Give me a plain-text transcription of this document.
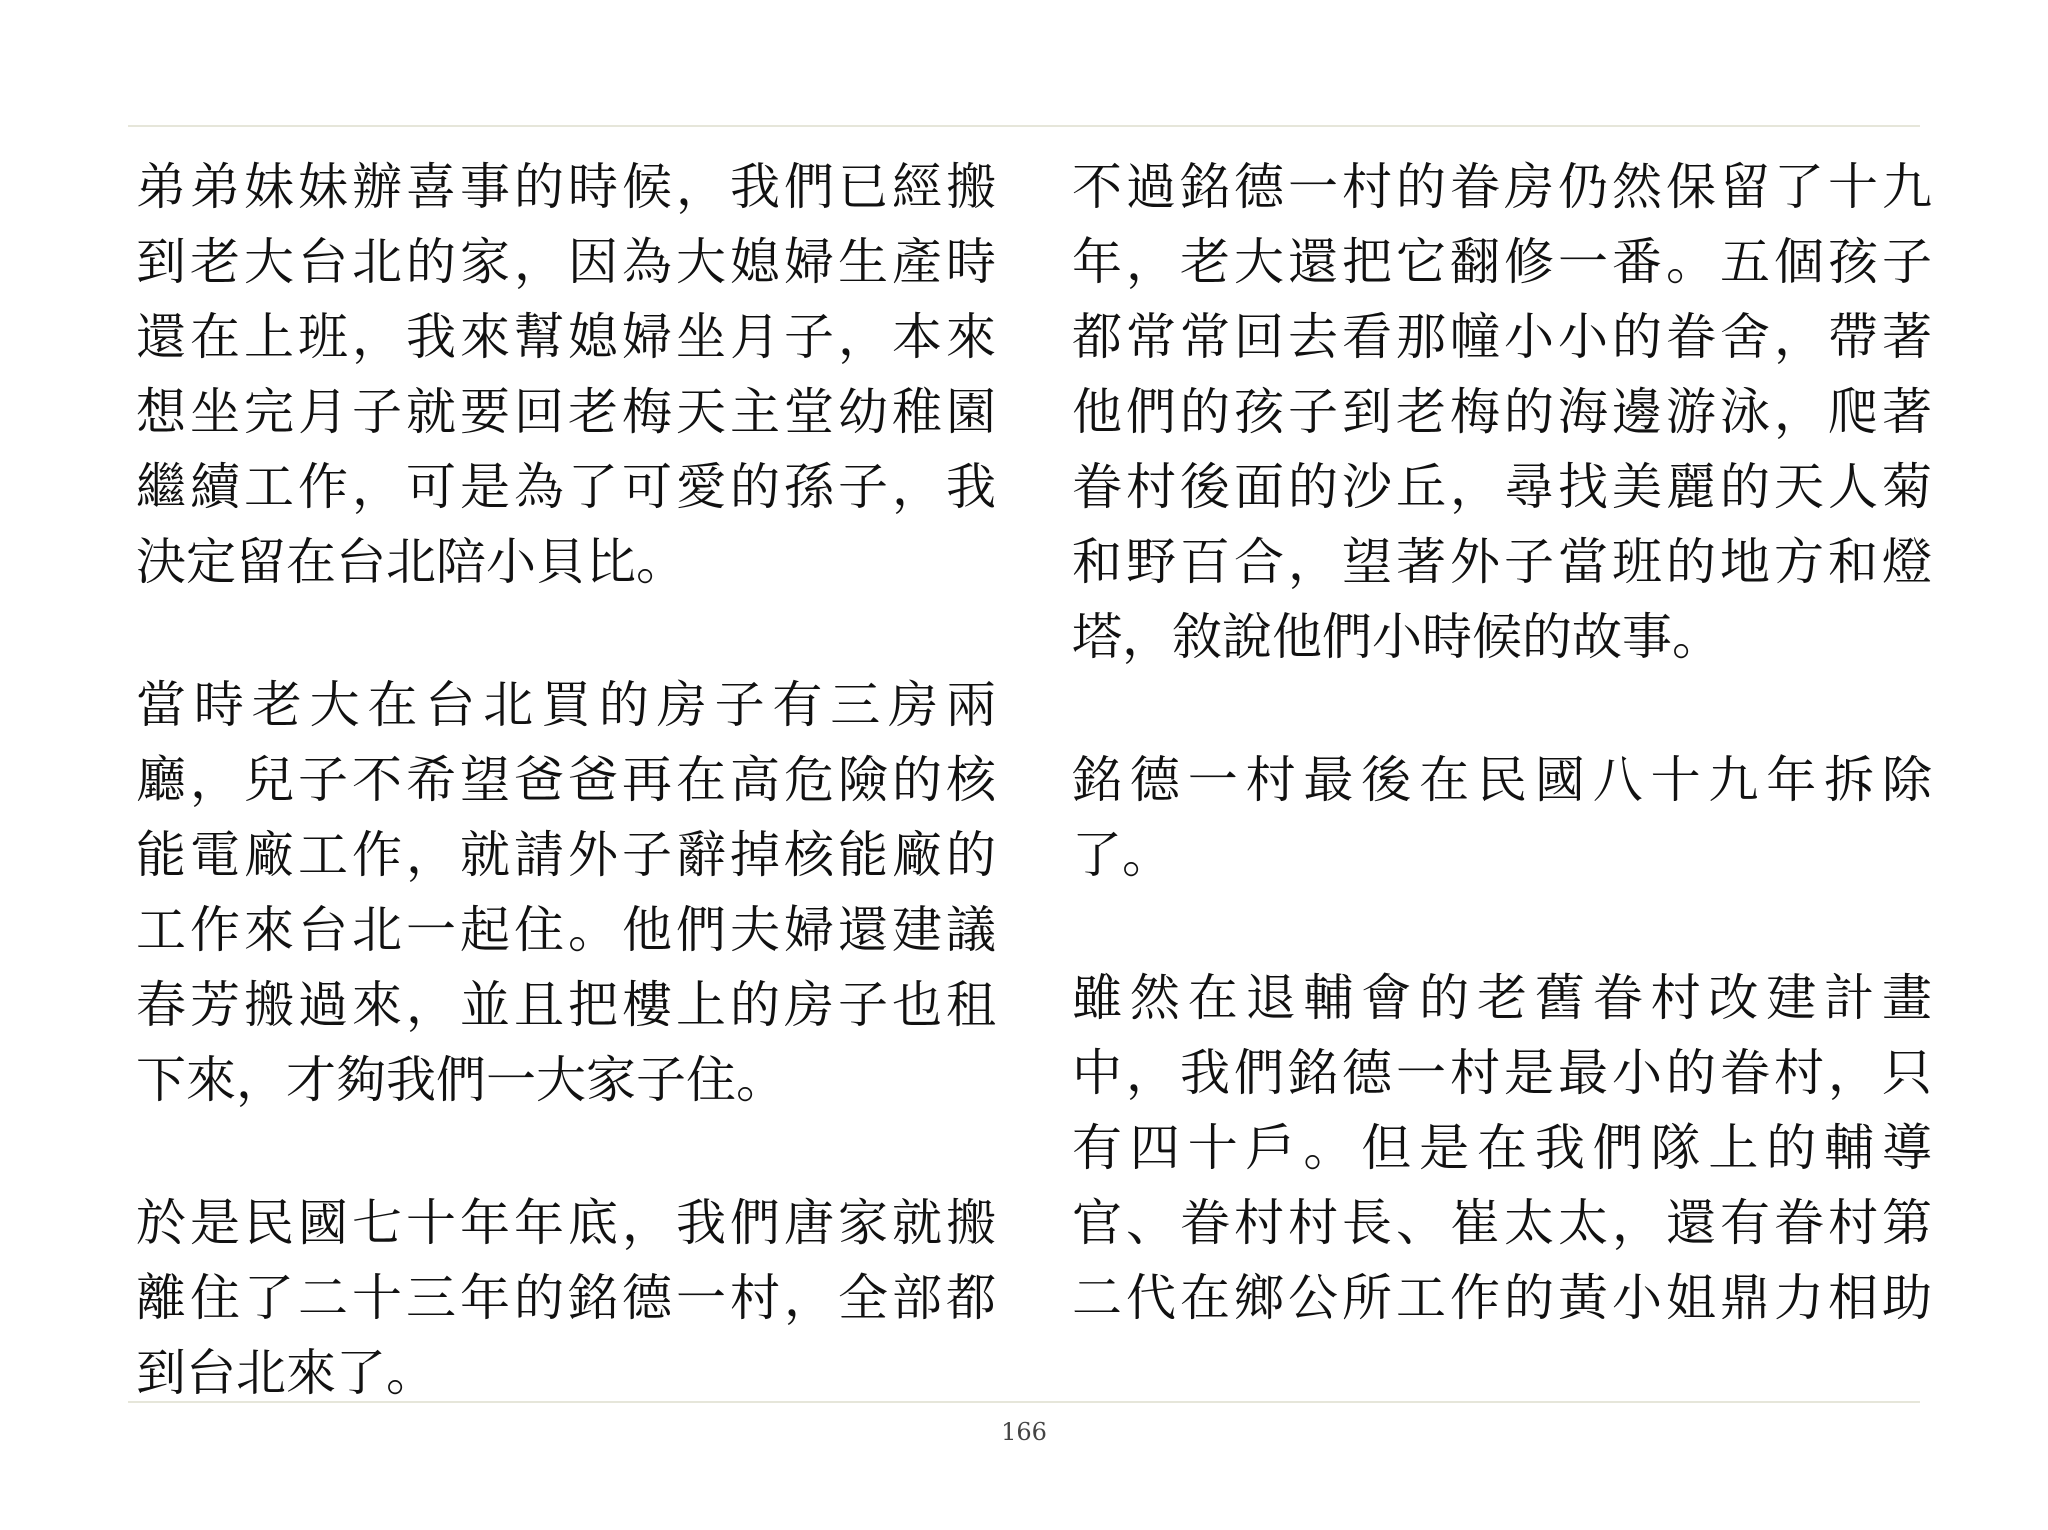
弟弟妹妹辦喜事的時候，我們已經搬
到老大台北的家，因為大媳婦生產時
還在上班，我來幫媳婦坐月子，本來
想坐完月子就要回老梅天主堂幼稚園
繼續工作，可是為了可愛的孫子，我
決定留在台北陪小貝比。

當時老大在台北買的房子有三房兩
廳，兒子不希望爸爸再在高危險的核
能電廠工作，就請外子辭掉核能廠的
工作來台北一起住。他們夫婦還建議
春芳搬過來，並且把樓上的房子也租
下來，才夠我們一大家子住。

於是民國七十年年底，我們唐家就搬
離住了二十三年的銘德一村，全部都
到台北來了。

不過銘德一村的眷房仍然保留了十九
年，老大還把它翻修一番。五個孩子
都常常回去看那幢小小的眷舍，帶著
他們的孩子到老梅的海邊游泳，爬著
眷村後面的沙丘，尋找美麗的天人菊
和野百合，望著外子當班的地方和燈
塔，敘說他們小時候的故事。

銘德一村最後在民國八十九年拆除
了。

雖然在退輔會的老舊眷村改建計畫
中，我們銘德一村是最小的眷村，只
有四十戶。但是在我們隊上的輔導
官、眷村村長、崔太太，還有眷村第
二代在鄉公所工作的黃小姐鼎力相助

166
